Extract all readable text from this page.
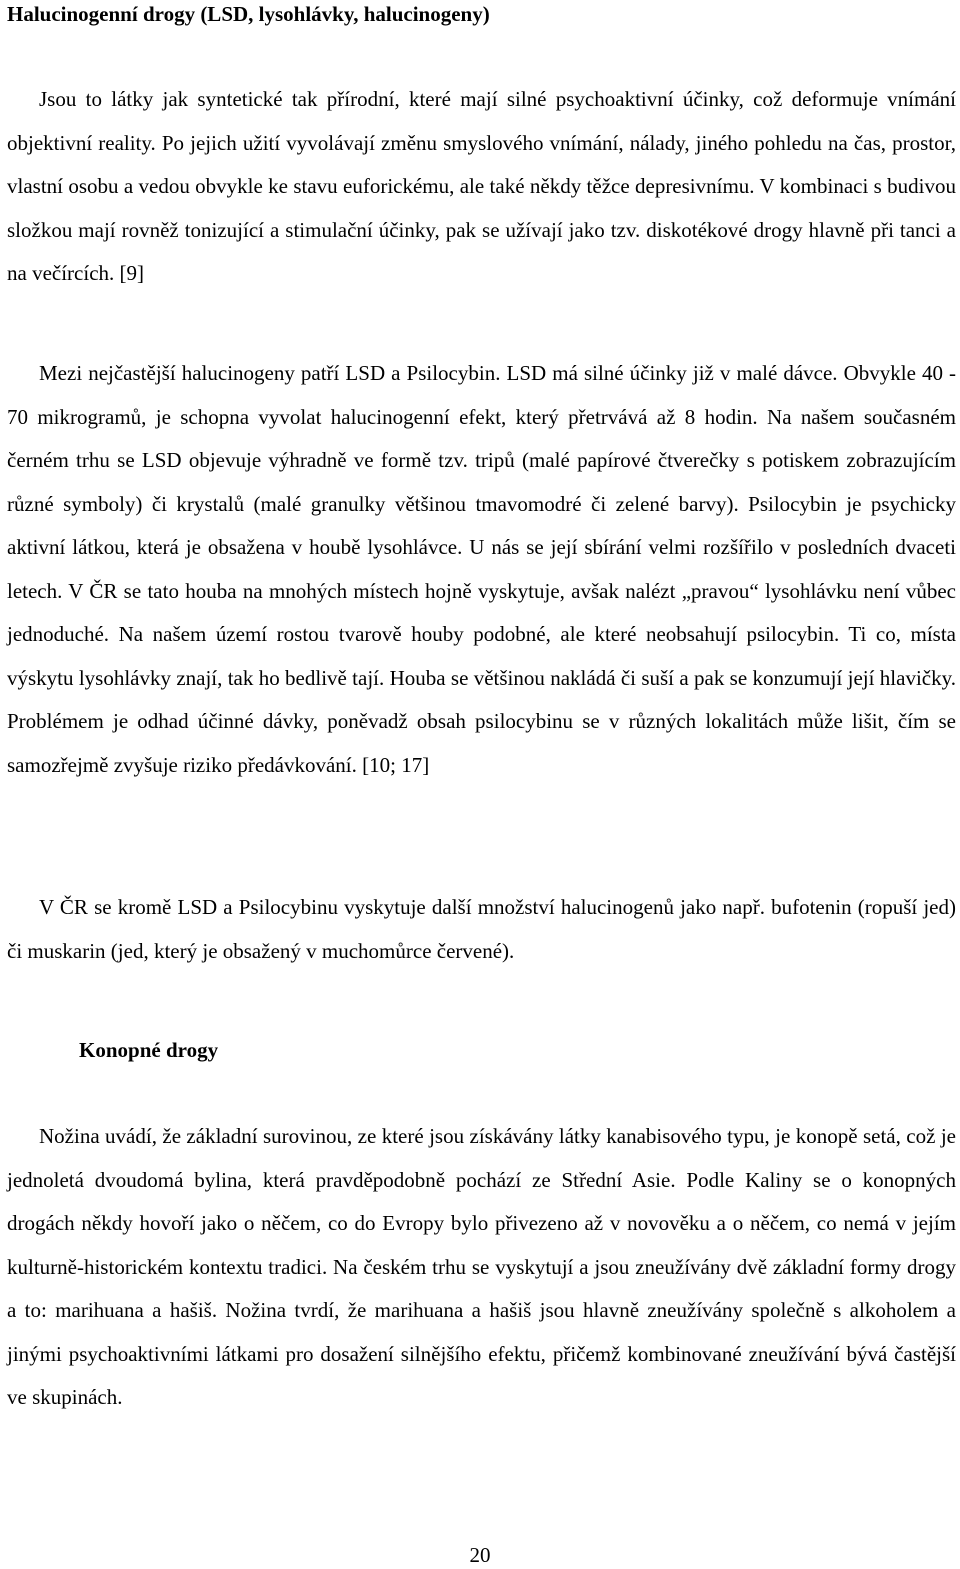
Halucinogenní drogy (LSD, lysohlávky, halucinogeny)

Jsou to látky jak syntetické tak přírodní, které mají silné psychoaktivní účinky, což deformuje vnímání objektivní reality. Po jejich užití vyvolávají změnu smyslového vnímání, nálady, jiného pohledu na čas, prostor, vlastní osobu a vedou obvykle ke stavu euforickému, ale také někdy těžce depresivnímu. V kombinaci s budivou složkou mají rovněž tonizující a stimulační účinky, pak se užívají jako tzv. diskotékové drogy hlavně při tanci a na večírcích. [9]

Mezi nejčastější halucinogeny patří LSD a Psilocybin. LSD má silné účinky již v malé dávce. Obvykle 40 - 70 mikrogramů, je schopna vyvolat halucinogenní efekt, který přetrvává až 8 hodin. Na našem současném černém trhu se LSD objevuje výhradně ve formě tzv. tripů (malé papírové čtverečky s potiskem zobrazujícím různé symboly) či krystalů (malé granulky většinou tmavomodré či zelené barvy). Psilocybin je psychicky aktivní látkou, která je obsažena v houbě lysohlávce. U nás se její sbírání velmi rozšířilo v posledních dvaceti letech. V ČR se tato houba na mnohých místech hojně vyskytuje, avšak nalézt „pravou“ lysohlávku není vůbec jednoduché. Na našem území rostou tvarově houby podobné, ale které neobsahují psilocybin. Ti co, místa výskytu lysohlávky znají, tak ho bedlivě tají. Houba se většinou nakládá či suší a pak se konzumují její hlavičky. Problémem je odhad účinné dávky, poněvadž obsah psilocybinu se v různých lokalitách může lišit, čím se samozřejmě zvyšuje riziko předávkování. [10; 17]

V ČR se kromě LSD a Psilocybinu vyskytuje další množství halucinogenů jako např. bufotenin (ropuší jed) či muskarin (jed, který je obsažený v muchomůrce červené).

Konopné drogy

Nožina uvádí, že základní surovinou, ze které jsou získávány látky kanabisového typu, je konopě setá, což je jednoletá dvoudomá bylina, která pravděpodobně pochází ze Střední Asie. Podle Kaliny se o konopných drogách někdy hovoří jako o něčem, co do Evropy bylo přivezeno až v novověku a o něčem, co nemá v jejím kulturně-historickém kontextu tradici. Na českém trhu se vyskytují a jsou zneužívány dvě základní formy drogy a to: marihuana a hašiš. Nožina tvrdí, že marihuana a hašiš jsou hlavně zneužívány společně s alkoholem a jinými psychoaktivními látkami pro dosažení silnějšího efektu, přičemž kombinované zneužívání bývá častější ve skupinách.

20
